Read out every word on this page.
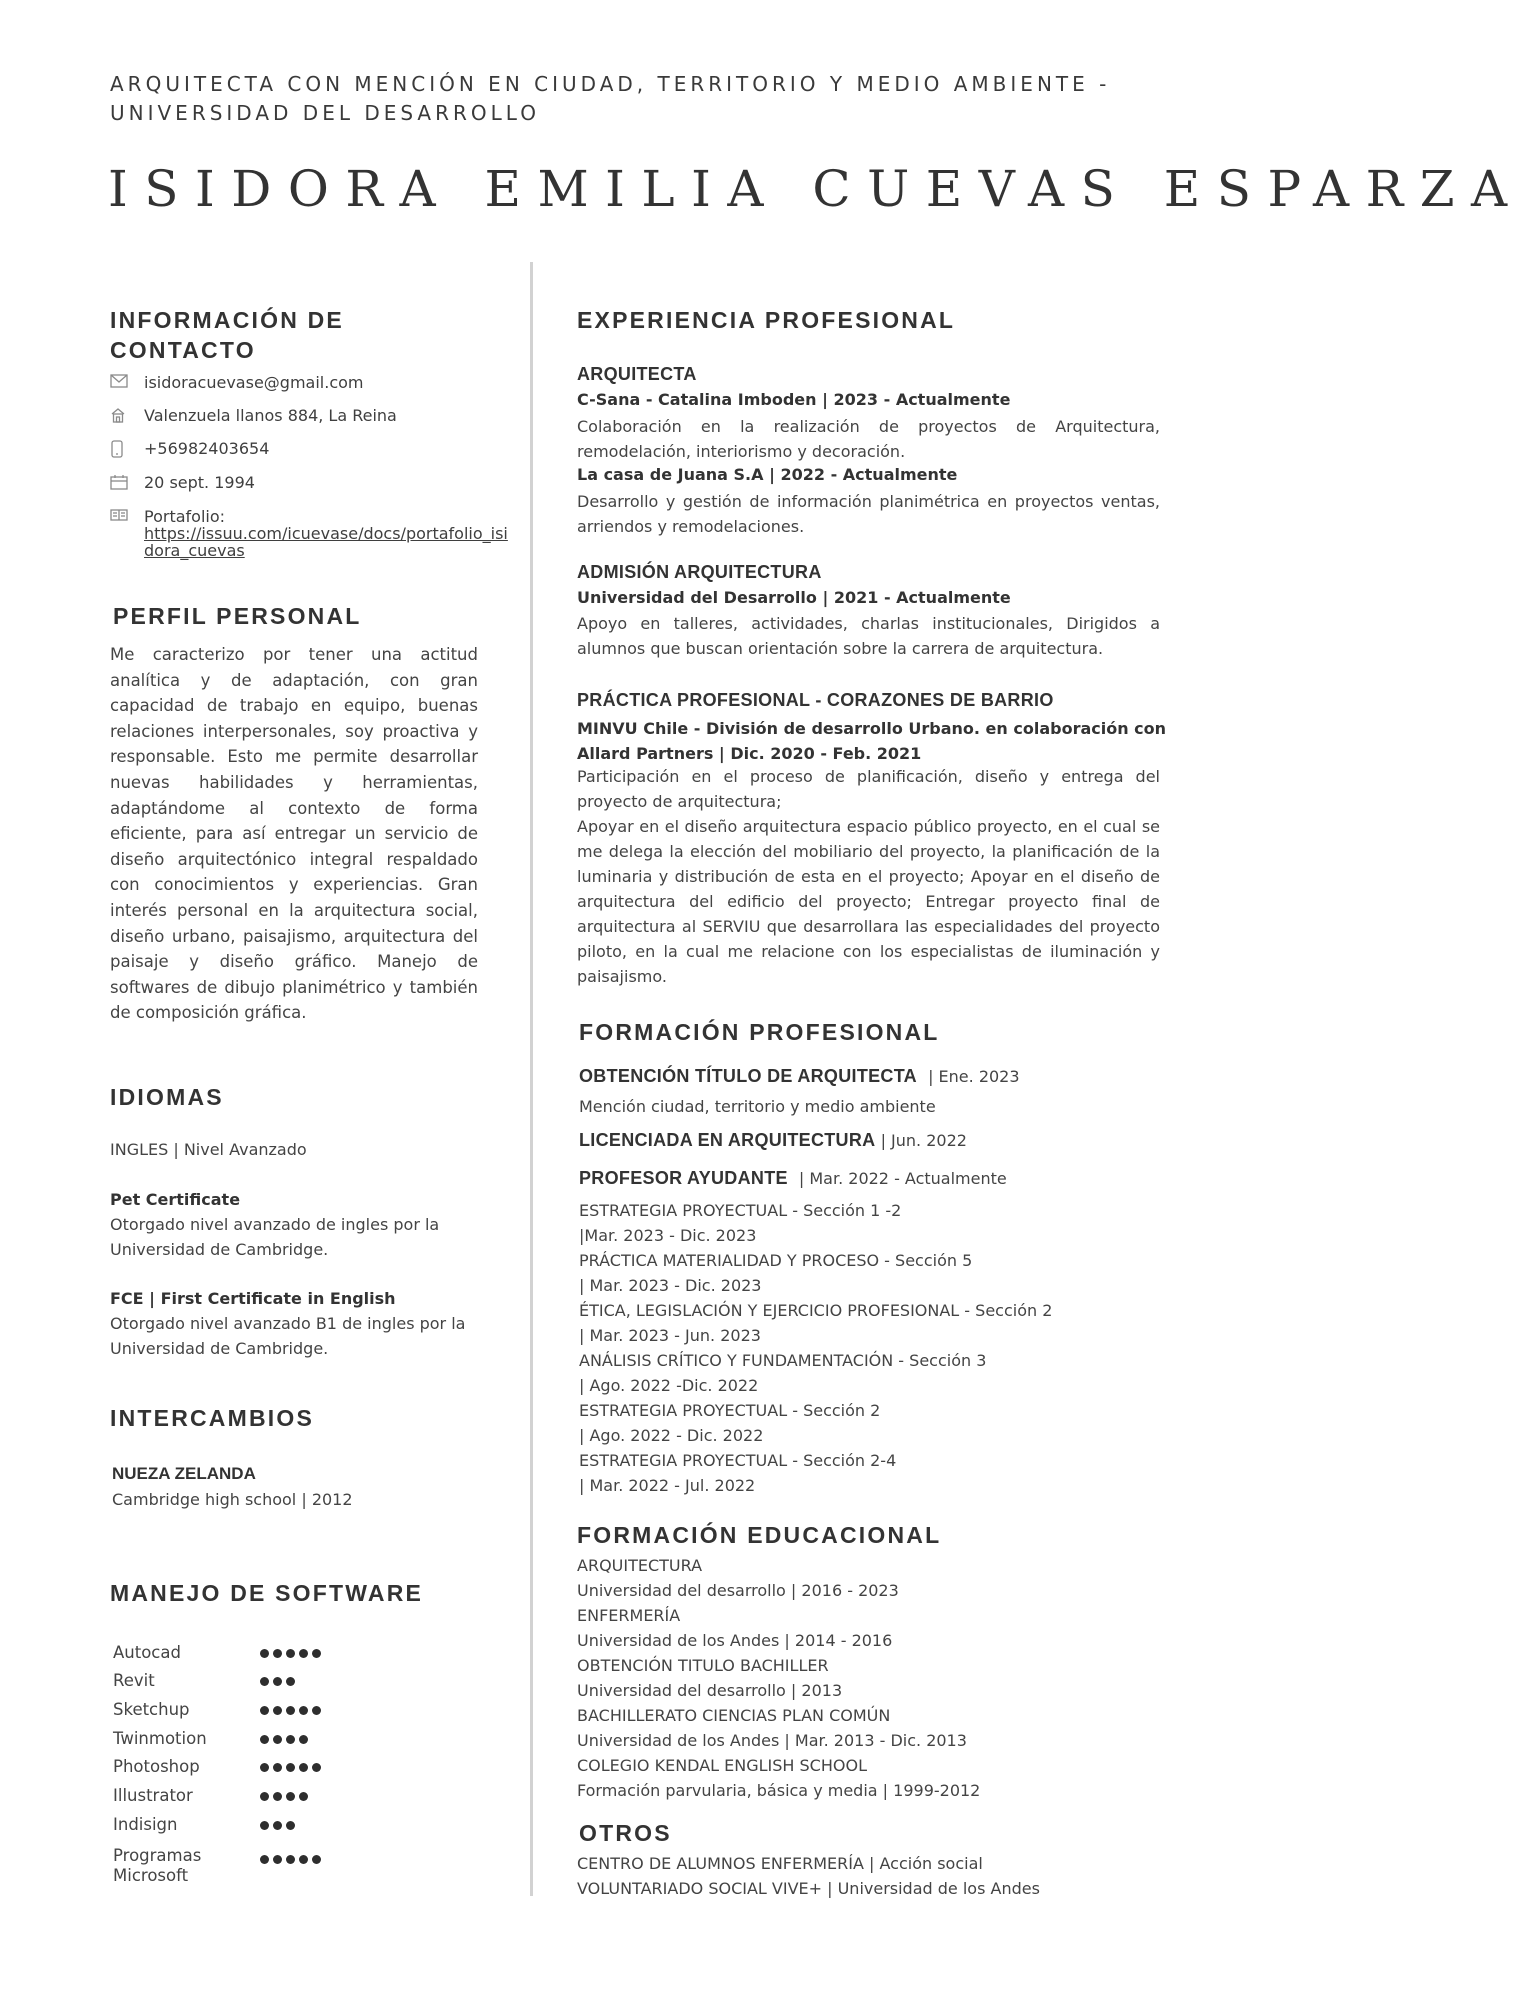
ARQUITECTA CON MENCIÓN EN CIUDAD, TERRITORIO Y MEDIO AMBIENTE - UNIVERSIDAD DEL DESARROLLO
ISIDORA EMILIA CUEVAS ESPARZA
INFORMACIÓN DE CONTACTO
isidoracuevase@gmail.com
Valenzuela llanos 884, La Reina
+56982403654
20 sept. 1994
Portafolio:
https://issuu.com/icuevase/docs/portafolio_isidora_cuevas
PERFIL PERSONAL
Me caracterizo por tener una actitud analítica y de adaptación, con gran capacidad de trabajo en equipo, buenas relaciones interpersonales, soy proactiva y responsable. Esto me permite desarrollar nuevas habilidades y herramientas, adaptándome al contexto de forma eficiente, para así entregar un servicio de diseño arquitectónico integral respaldado con conocimientos y experiencias. Gran interés personal en la arquitectura social, diseño urbano, paisajismo, arquitectura del paisaje y diseño gráfico. Manejo de softwares de dibujo planimétrico y también de composición gráfica.
IDIOMAS
INGLES | Nivel Avanzado
Pet Certificate
Otorgado nivel avanzado de ingles por la Universidad de Cambridge.
FCE | First Certificate in English
Otorgado nivel avanzado B1 de ingles por la Universidad de Cambridge.
INTERCAMBIOS
NUEZA ZELANDA
Cambridge high school | 2012
MANEJO DE SOFTWARE
Autocad
Revit
Sketchup
Twinmotion
Photoshop
Illustrator
Indisign
Programas Microsoft
EXPERIENCIA PROFESIONAL
ARQUITECTA
C-Sana - Catalina Imboden | 2023 - Actualmente
Colaboración en la realización de proyectos de Arquitectura, remodelación, interiorismo y decoración.
La casa de Juana S.A | 2022 - Actualmente
Desarrollo y gestión de información planimétrica en proyectos ventas, arriendos y remodelaciones.
ADMISIÓN ARQUITECTURA
Universidad del Desarrollo | 2021 - Actualmente
Apoyo en talleres, actividades, charlas institucionales, Dirigidos a alumnos que buscan orientación sobre la carrera de arquitectura.
PRÁCTICA PROFESIONAL - CORAZONES DE BARRIO
MINVU Chile - División de desarrollo Urbano. en colaboración con Allard Partners | Dic. 2020 - Feb. 2021
Participación en el proceso de planificación, diseño y entrega del proyecto de arquitectura;
Apoyar en el diseño arquitectura espacio público proyecto, en el cual se me delega la elección del mobiliario del proyecto, la planificación de la luminaria y distribución de esta en el proyecto; Apoyar en el diseño de arquitectura del edificio del proyecto; Entregar proyecto final de arquitectura al SERVIU que desarrollara las especialidades del proyecto piloto, en la cual me relacione con los especialistas de iluminación y paisajismo.
FORMACIÓN PROFESIONAL
OBTENCIÓN TÍTULO DE ARQUITECTA | Ene. 2023
Mención ciudad, territorio y medio ambiente
LICENCIADA EN ARQUITECTURA | Jun. 2022
PROFESOR AYUDANTE | Mar. 2022 - Actualmente
ESTRATEGIA PROYECTUAL - Sección 1 -2
|Mar. 2023 - Dic. 2023
PRÁCTICA MATERIALIDAD Y PROCESO - Sección 5
| Mar. 2023 - Dic. 2023
ÉTICA, LEGISLACIÓN Y EJERCICIO PROFESIONAL - Sección 2
| Mar. 2023 - Jun. 2023
ANÁLISIS CRÍTICO Y FUNDAMENTACIÓN - Sección 3
| Ago. 2022 -Dic. 2022
ESTRATEGIA PROYECTUAL - Sección 2
| Ago. 2022 - Dic. 2022
ESTRATEGIA PROYECTUAL - Sección 2-4
| Mar. 2022 - Jul. 2022
FORMACIÓN EDUCACIONAL
ARQUITECTURA
Universidad del desarrollo | 2016 - 2023
ENFERMERÍA
Universidad de los Andes | 2014 - 2016
OBTENCIÓN TITULO BACHILLER
Universidad del desarrollo | 2013
BACHILLERATO CIENCIAS PLAN COMÚN
Universidad de los Andes | Mar. 2013 - Dic. 2013
COLEGIO KENDAL ENGLISH SCHOOL
Formación parvularia, básica y media | 1999-2012
OTROS
CENTRO DE ALUMNOS ENFERMERÍA | Acción social
VOLUNTARIADO SOCIAL VIVE+ | Universidad de los Andes
